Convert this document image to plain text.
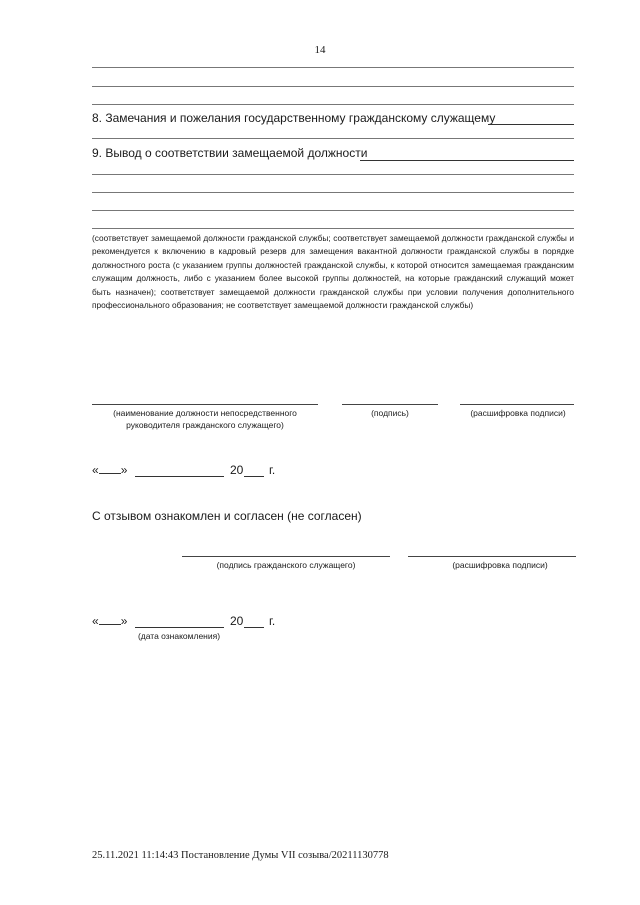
14
8. Замечания и пожелания государственному гражданскому служащему
9. Вывод о соответствии замещаемой должности
(соответствует замещаемой должности гражданской службы; соответствует замещаемой должности гражданской службы и рекомендуется к включению в кадровый резерв для замещения вакантной должности гражданской службы в порядке должностного роста (с указанием группы должностей гражданской службы, к которой относится замещаемая гражданским служащим должность, либо с указанием более высокой группы должностей, на которые гражданский служащий может быть назначен); соответствует замещаемой должности гражданской службы при условии получения дополнительного профессионального образования; не соответствует замещаемой должности гражданской службы)
(наименование должности непосредственного
руководителя гражданского служащего)
(подпись)	(расшифровка подписи)
« »	20 г.
С отзывом ознакомлен и согласен (не согласен)
(подпись гражданского служащего)	(расшифровка подписи)
« »	20 г.
(дата ознакомления)
25.11.2021 11:14:43 Постановление Думы VII созыва/20211130778
